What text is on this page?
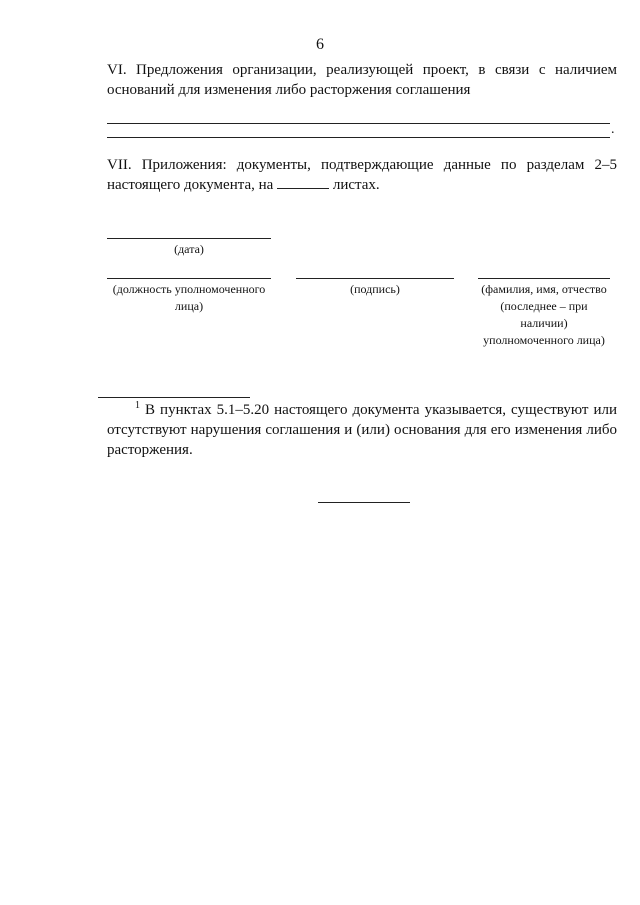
6
VI. Предложения организации, реализующей проект, в связи с наличием оснований для изменения либо расторжения соглашения
.
VII. Приложения: документы, подтверждающие данные по разделам 2–5 настоящего документа, на	листах.
(дата)
(должность уполномоченного лица)
(подпись)	(фамилия, имя, отчество (последнее – при наличии) уполномоченного лица)
$^1$ В пунктах 5.1–5.20 настоящего документа указывается, существуют или отсутствуют нарушения соглашения и (или) основания для его изменения либо расторжения.
